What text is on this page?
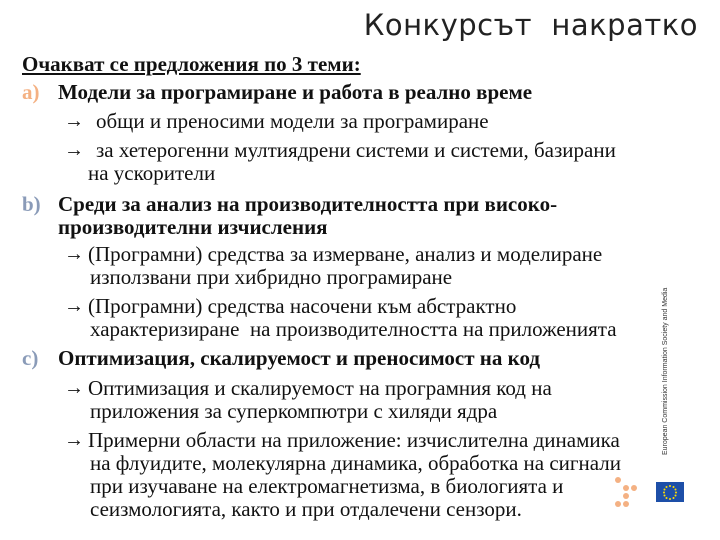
Конкурсът  накратко
Очакват се предложения по 3 теми:
a) Модели за програмиране и работа в реално време
→ общи и преносими модели за програмиране
→ за хетерогенни мултиядрени системи и системи, базирани
на ускорители
b) Среди за анализ на производителността при високо-
производителни изчисления
→ (Програмни) средства за измерване, анализ и моделиране
използвани при хибридно програмиране
→ (Програмни) средства насочени към абстрактно
характеризиране  на производителността на приложенията
c) Оптимизация, скалируемост и преносимост на код
→ Оптимизация и скалируемост на програмния код на
приложения за суперкомпютри с хиляди ядра
→ Примерни области на приложение: изчислителна динамика
на флуидите, молекулярна динамика, обработка на сигнали
при изучаване на електромагнетизма, в биологията и
сеизмологията, както и при отдалечени сензори.
European Commission Information Society and Media
